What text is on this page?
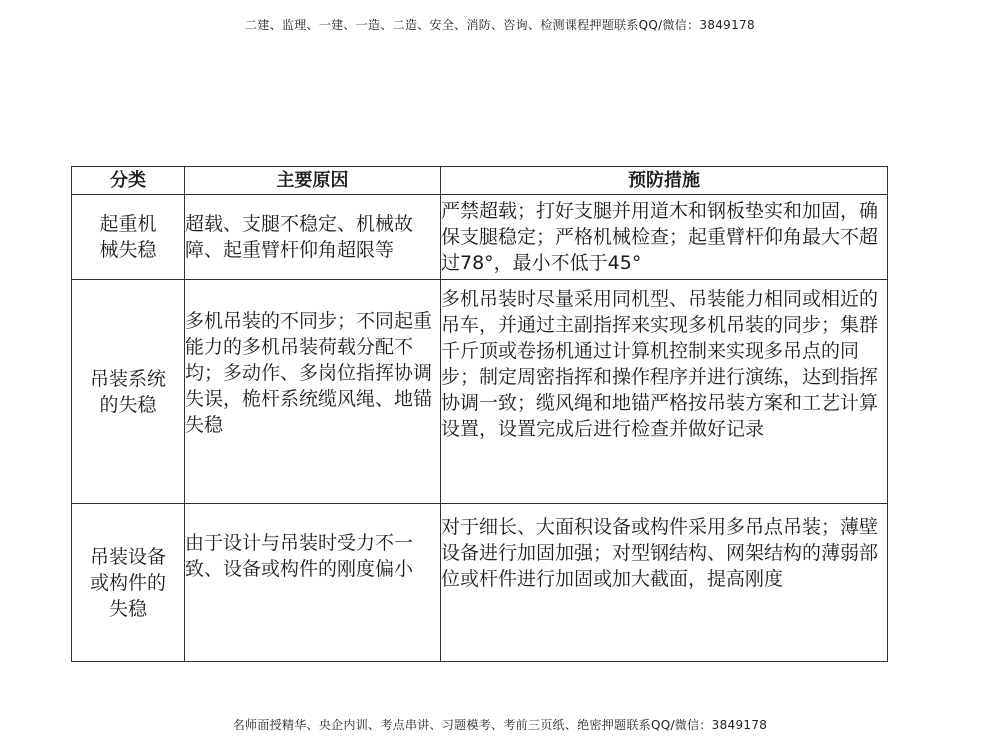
二建、监理、一建、一造、二造、安全、消防、咨询、检测课程押题联系QQ/微信：3849178
分类	主要原因	预防措施
起重机械失稳	超载、支腿不稳定、机械故障、起重臂杆仰角超限等	严禁超载；打好支腿并用道木和钢板垫实和加固，确保支腿稳定；严格机械检查；起重臂杆仰角最大不超过78°，最小不低于45°
吊装系统的失稳	多机吊装的不同步；不同起重能力的多机吊装荷载分配不均；多动作、多岗位指挥协调失误，桅杆系统缆风绳、地锚失稳	多机吊装时尽量采用同机型、吊装能力相同或相近的吊车，并通过主副指挥来实现多机吊装的同步；集群千斤顶或卷扬机通过计算机控制来实现多吊点的同步；制定周密指挥和操作程序并进行演练，达到指挥协调一致；缆风绳和地锚严格按吊装方案和工艺计算设置，设置完成后进行检查并做好记录
吊装设备或构件的失稳	由于设计与吊装时受力不一致、设备或构件的刚度偏小	对于细长、大面积设备或构件采用多吊点吊装；薄壁设备进行加固加强；对型钢结构、网架结构的薄弱部位或杆件进行加固或加大截面，提高刚度
名师面授精华、央企内训、考点串讲、习题模考、考前三页纸、绝密押题联系QQ/微信：3849178
